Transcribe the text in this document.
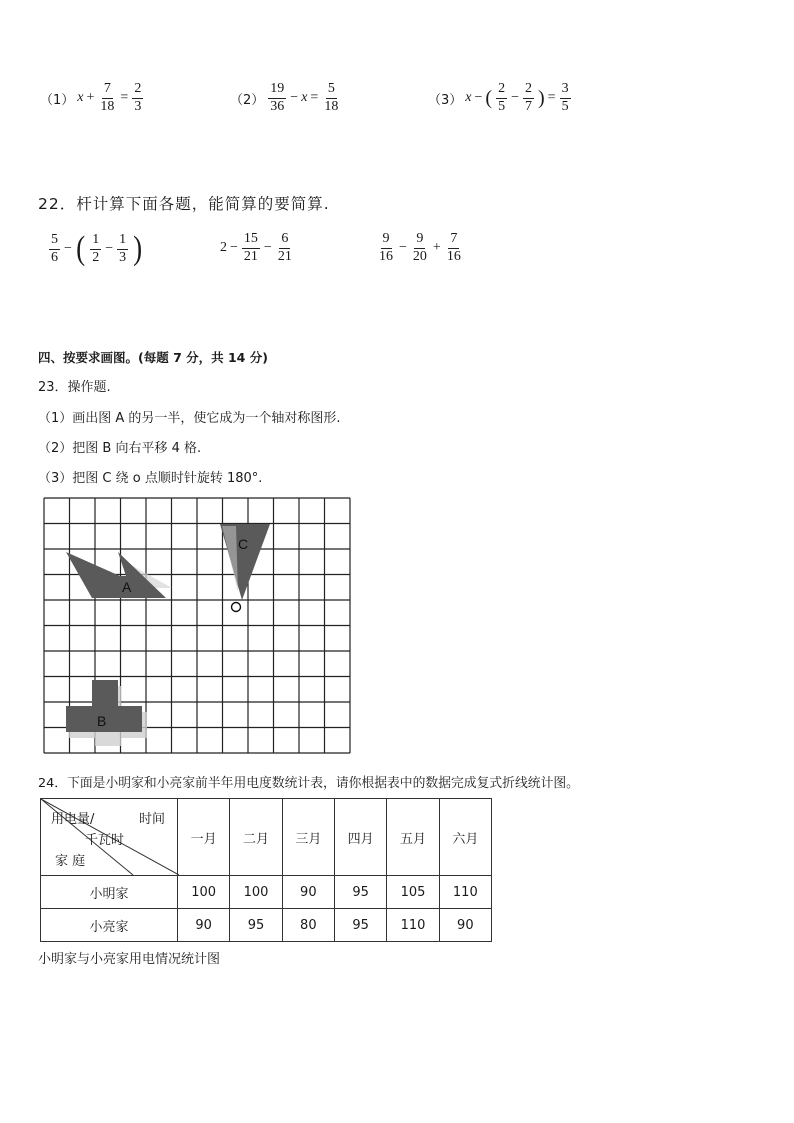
（1） $x + \frac{7}{18} = \frac{2}{3}$	$(2) \frac{19}{36} - x = \frac{5}{18}$	（3） x − ( $\frac{2}{5} - \frac{2}{7}$ ) = $\frac{3}{5}$
22．杆计算下面各题，能简算的要简算.
$\frac{5}{6}$ − ( $\frac{1}{2} - \frac{1}{3}$ )	$2 - \frac{15}{21} - \frac{6}{21}$	$\frac{9}{16} - \frac{9}{20} + \frac{7}{16}$
四、按要求画图。(每题 7 分，共 14 分)
23．操作题.
（1）画出图 A 的另一半，使它成为一个轴对称图形.
（2）把图 B 向右平移 4 格.
（3）把图 C 绕 o 点顺时针旋转 180°.
A
C
B
24．下面是小明家和小亮家前半年用电度数统计表，请你根据表中的数据完成复式折线统计图。
时间
用电量/
千瓦时
家 庭	一月	二月	三月	四月	五月	六月
小明家	100	100	90	95	105	110
小亮家	90	95	80	95	110	90
小明家与小亮家用电情况统计图
